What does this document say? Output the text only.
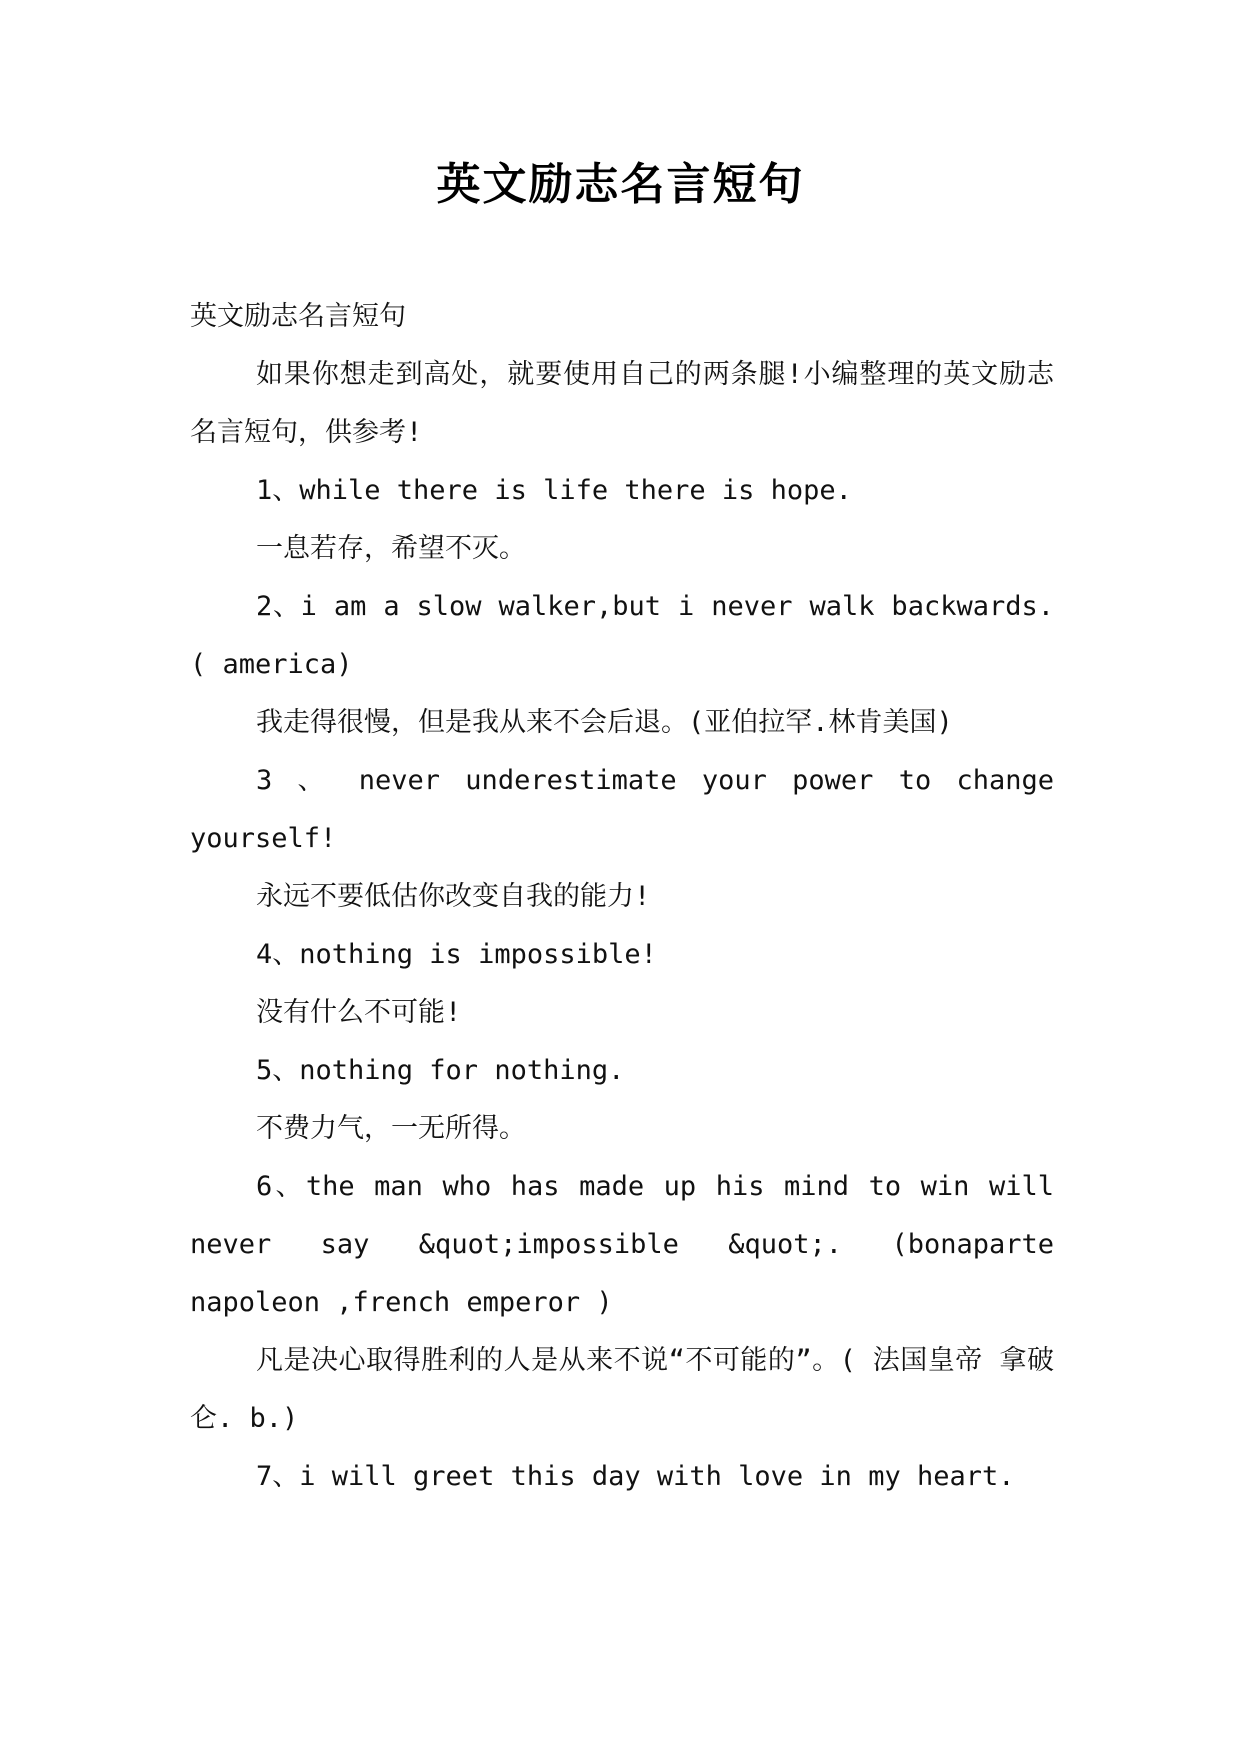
英文励志名言短句

英文励志名言短句

如果你想走到高处，就要使用自己的两条腿!小编整理的英文励志名言短句，供参考!

1、while there is life there is hope.

一息若存，希望不灭。

2、i am a slow walker,but i never walk backwards.( america)

我走得很慢，但是我从来不会后退。(亚伯拉罕.林肯美国)

3 、 never underestimate your power to change yourself!

永远不要低估你改变自我的能力!

4、nothing is impossible!

没有什么不可能!

5、nothing for nothing.

不费力气，一无所得。

6、the man who has made up his mind to win will never say &quot;impossible &quot;. (bonaparte napoleon ,french emperor )

凡是决心取得胜利的人是从来不说“不可能的”。( 法国皇帝 拿破仑. b.)

7、i will greet this day with love in my heart.
